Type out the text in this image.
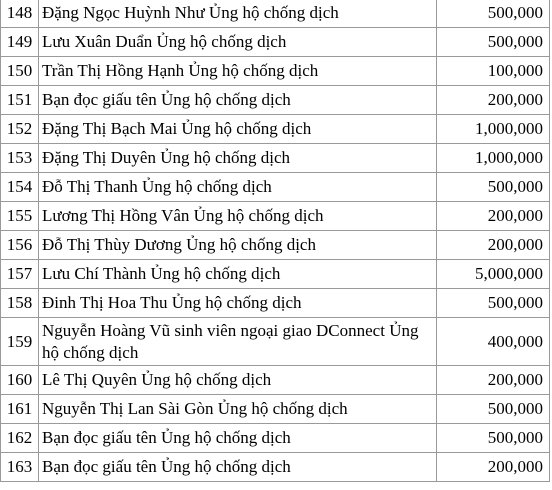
148	Đặng Ngọc Huỳnh Như Ủng hộ chống dịch	500,000
149	Lưu Xuân Duẩn Ủng hộ chống dịch	500,000
150	Trần Thị Hồng Hạnh Ủng hộ chống dịch	100,000
151	Bạn đọc giấu tên Ủng hộ chống dịch	200,000
152	Đặng Thị Bạch Mai Ủng hộ chống dịch	1,000,000
153	Đặng Thị Duyên Ủng hộ chống dịch	1,000,000
154	Đỗ Thị Thanh Ủng hộ chống dịch	500,000
155	Lương Thị Hồng Vân Ủng hộ chống dịch	200,000
156	Đỗ Thị Thùy Dương Ủng hộ chống dịch	200,000
157	Lưu Chí Thành Ủng hộ chống dịch	5,000,000
158	Đinh Thị Hoa Thu Ủng hộ chống dịch	500,000
159	Nguyễn Hoàng Vũ sinh viên ngoại giao DConnect Ủng hộ chống dịch	400,000
160	Lê Thị Quyên Ủng hộ chống dịch	200,000
161	Nguyễn Thị Lan Sài Gòn Ủng hộ chống dịch	500,000
162	Bạn đọc giấu tên Ủng hộ chống dịch	500,000
163	Bạn đọc giấu tên Ủng hộ chống dịch	200,000
